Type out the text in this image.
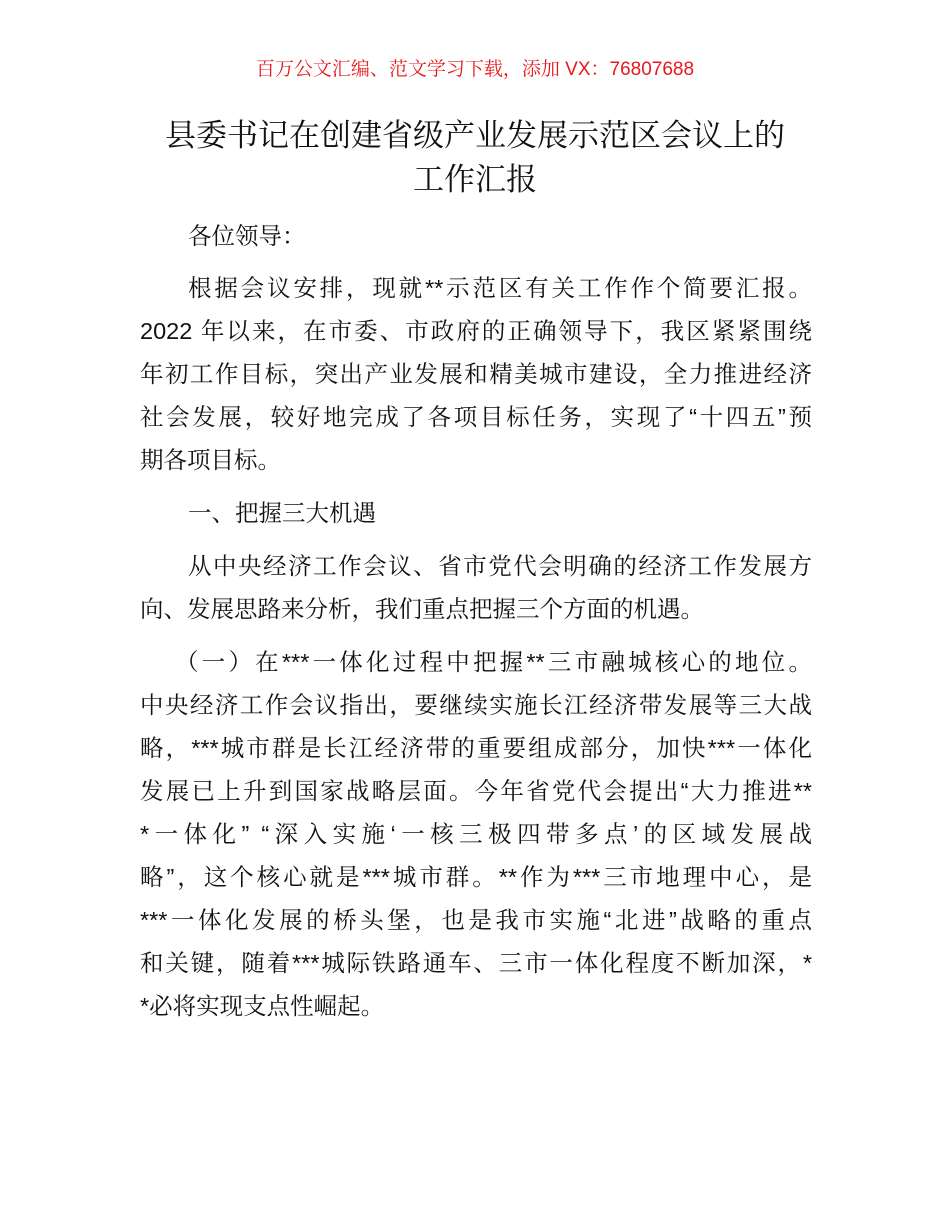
百万公文汇编、范文学习下载，添加 VX：76807688
县委书记在创建省级产业发展示范区会议上的
工作汇报
各位领导：
根据会议安排，现就**示范区有关工作作个简要汇报。
2022 年以来，在市委、市政府的正确领导下，我区紧紧围绕
年初工作目标，突出产业发展和精美城市建设，全力推进经济
社会发展，较好地完成了各项目标任务，实现了“十四五”预
期各项目标。
一、把握三大机遇
从中央经济工作会议、省市党代会明确的经济工作发展方
向、发展思路来分析，我们重点把握三个方面的机遇。
（一）在***一体化过程中把握**三市融城核心的地位。
中央经济工作会议指出，要继续实施长江经济带发展等三大战
略，***城市群是长江经济带的重要组成部分，加快***一体化
发展已上升到国家战略层面。今年省党代会提出“大力推进**
*一体化” “深入实施‘一核三极四带多点’的区域发展战
略”，这个核心就是***城市群。**作为***三市地理中心，是
***一体化发展的桥头堡，也是我市实施“北进”战略的重点
和关键，随着***城际铁路通车、三市一体化程度不断加深，*
*必将实现支点性崛起。
